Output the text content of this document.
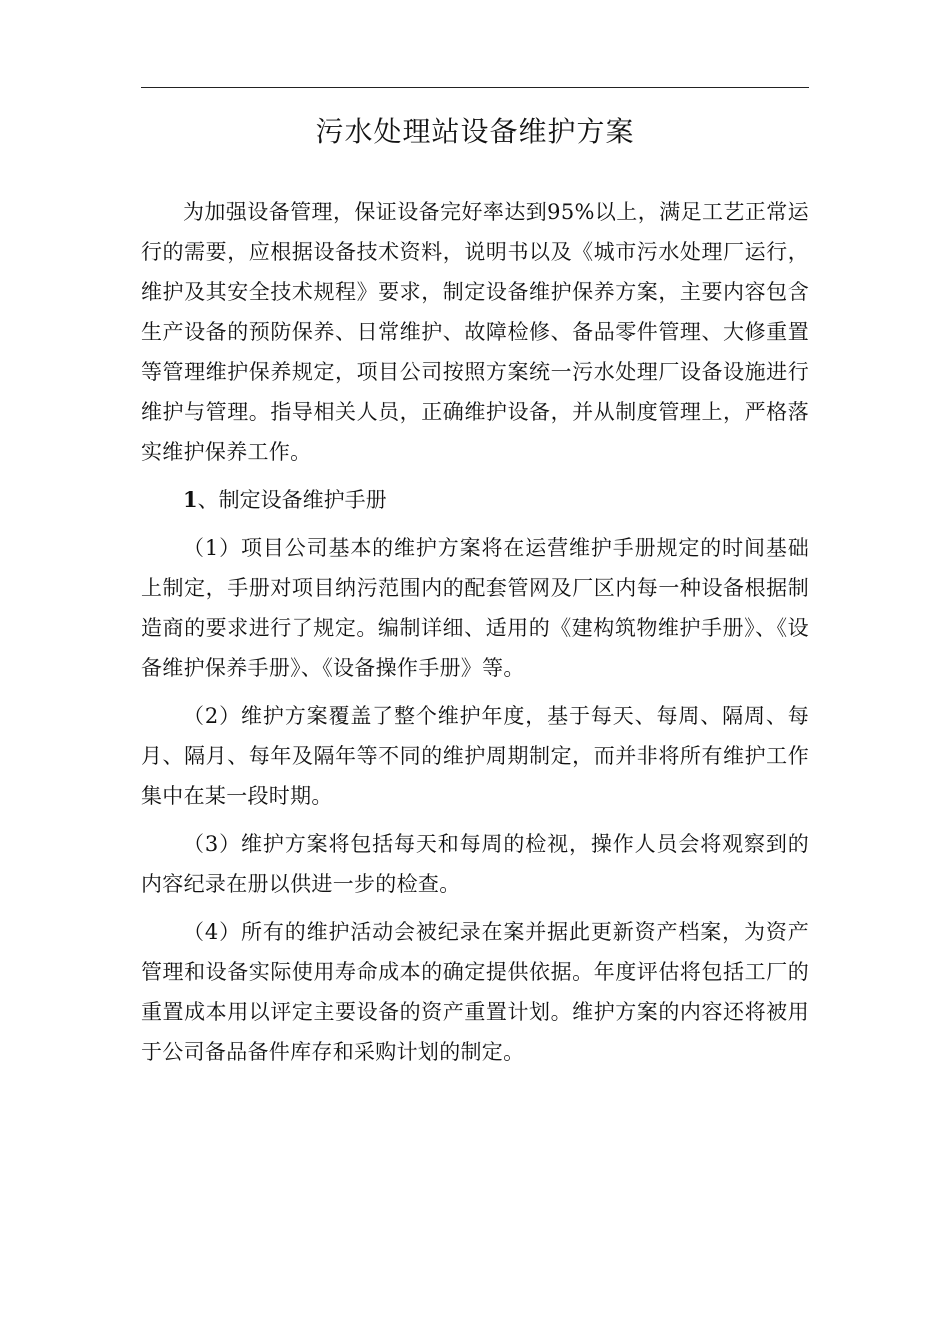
污水处理站设备维护方案

为加强设备管理，保证设备完好率达到95%以上，满足工艺正常运行的需要，应根据设备技术资料，说明书以及《城市污水处理厂运行，维护及其安全技术规程》要求，制定设备维护保养方案，主要内容包含生产设备的预防保养、日常维护、故障检修、备品零件管理、大修重置等管理维护保养规定，项目公司按照方案统一污水处理厂设备设施进行维护与管理。指导相关人员，正确维护设备，并从制度管理上，严格落实维护保养工作。

1、制定设备维护手册

（1）项目公司基本的维护方案将在运营维护手册规定的时间基础上制定，手册对项目纳污范围内的配套管网及厂区内每一种设备根据制造商的要求进行了规定。编制详细、适用的《建构筑物维护手册》、《设备维护保养手册》、《设备操作手册》等。

（2）维护方案覆盖了整个维护年度，基于每天、每周、隔周、每月、隔月、每年及隔年等不同的维护周期制定，而并非将所有维护工作集中在某一段时期。

（3）维护方案将包括每天和每周的检视，操作人员会将观察到的内容纪录在册以供进一步的检查。

（4）所有的维护活动会被纪录在案并据此更新资产档案，为资产管理和设备实际使用寿命成本的确定提供依据。年度评估将包括工厂的重置成本用以评定主要设备的资产重置计划。维护方案的内容还将被用于公司备品备件库存和采购计划的制定。
